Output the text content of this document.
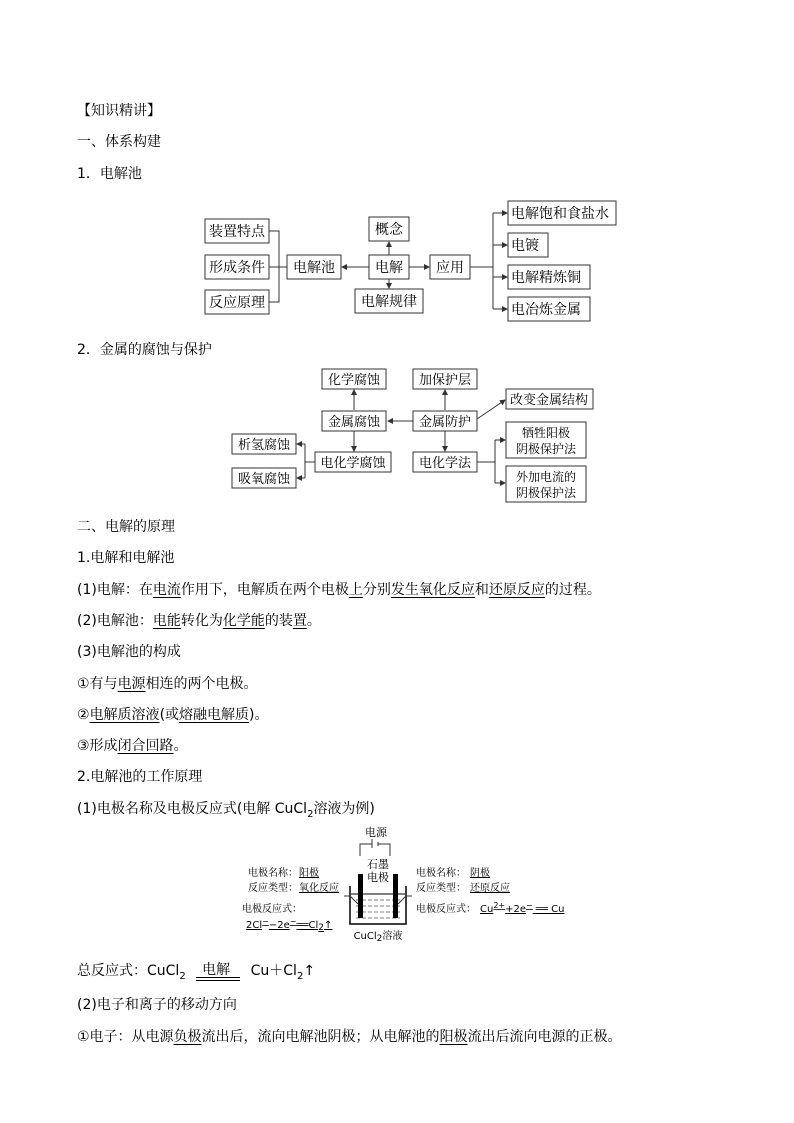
【知识精讲】
一、体系构建
1．电解池
装置特点
形成条件
反应原理
电解池	电解
概念
电解规律
应用
电解饱和食盐水
电镀
电解精炼铜
电冶炼金属
2．金属的腐蚀与保护
化学腐蚀
金属腐蚀
电化学腐蚀
析氢腐蚀
吸氧腐蚀
加保护层
金属防护
电化学法
改变金属结构
牺牲阳极
阴极保护法
外加电流的
阴极保护法
二、电解的原理
1.电解和电解池
(1)电解：在电流作用下，电解质在两个电极上分别发生氧化反应和还原反应的过程。
(2)电解池：电能转化为化学能的装置。
(3)电解池的构成
①有与电源相连的两个电极。
②电解质溶液(或熔融电解质)。
③形成闭合回路。
2.电解池的工作原理
(1)电极名称及电极反应式(电解 CuCl$_2$溶液为例)
电源
石墨
电极
电极名称： 阳极
反应类型： 氧化反应
电极反应式：
2Cl−−2e−══Cl2↑
电极名称： 阴极
反应类型： 还原反应
电极反应式： $Cu^{2+}+2e^-$ ══ Cu
CuCl2溶液
总反应式：CuCl$_2$ 电解 $Cu+Cl_2↑$
(2)电子和离子的移动方向
①电子：从电源负极流出后，流向电解池阴极；从电解池的阳极流出后流向电源的正极。
